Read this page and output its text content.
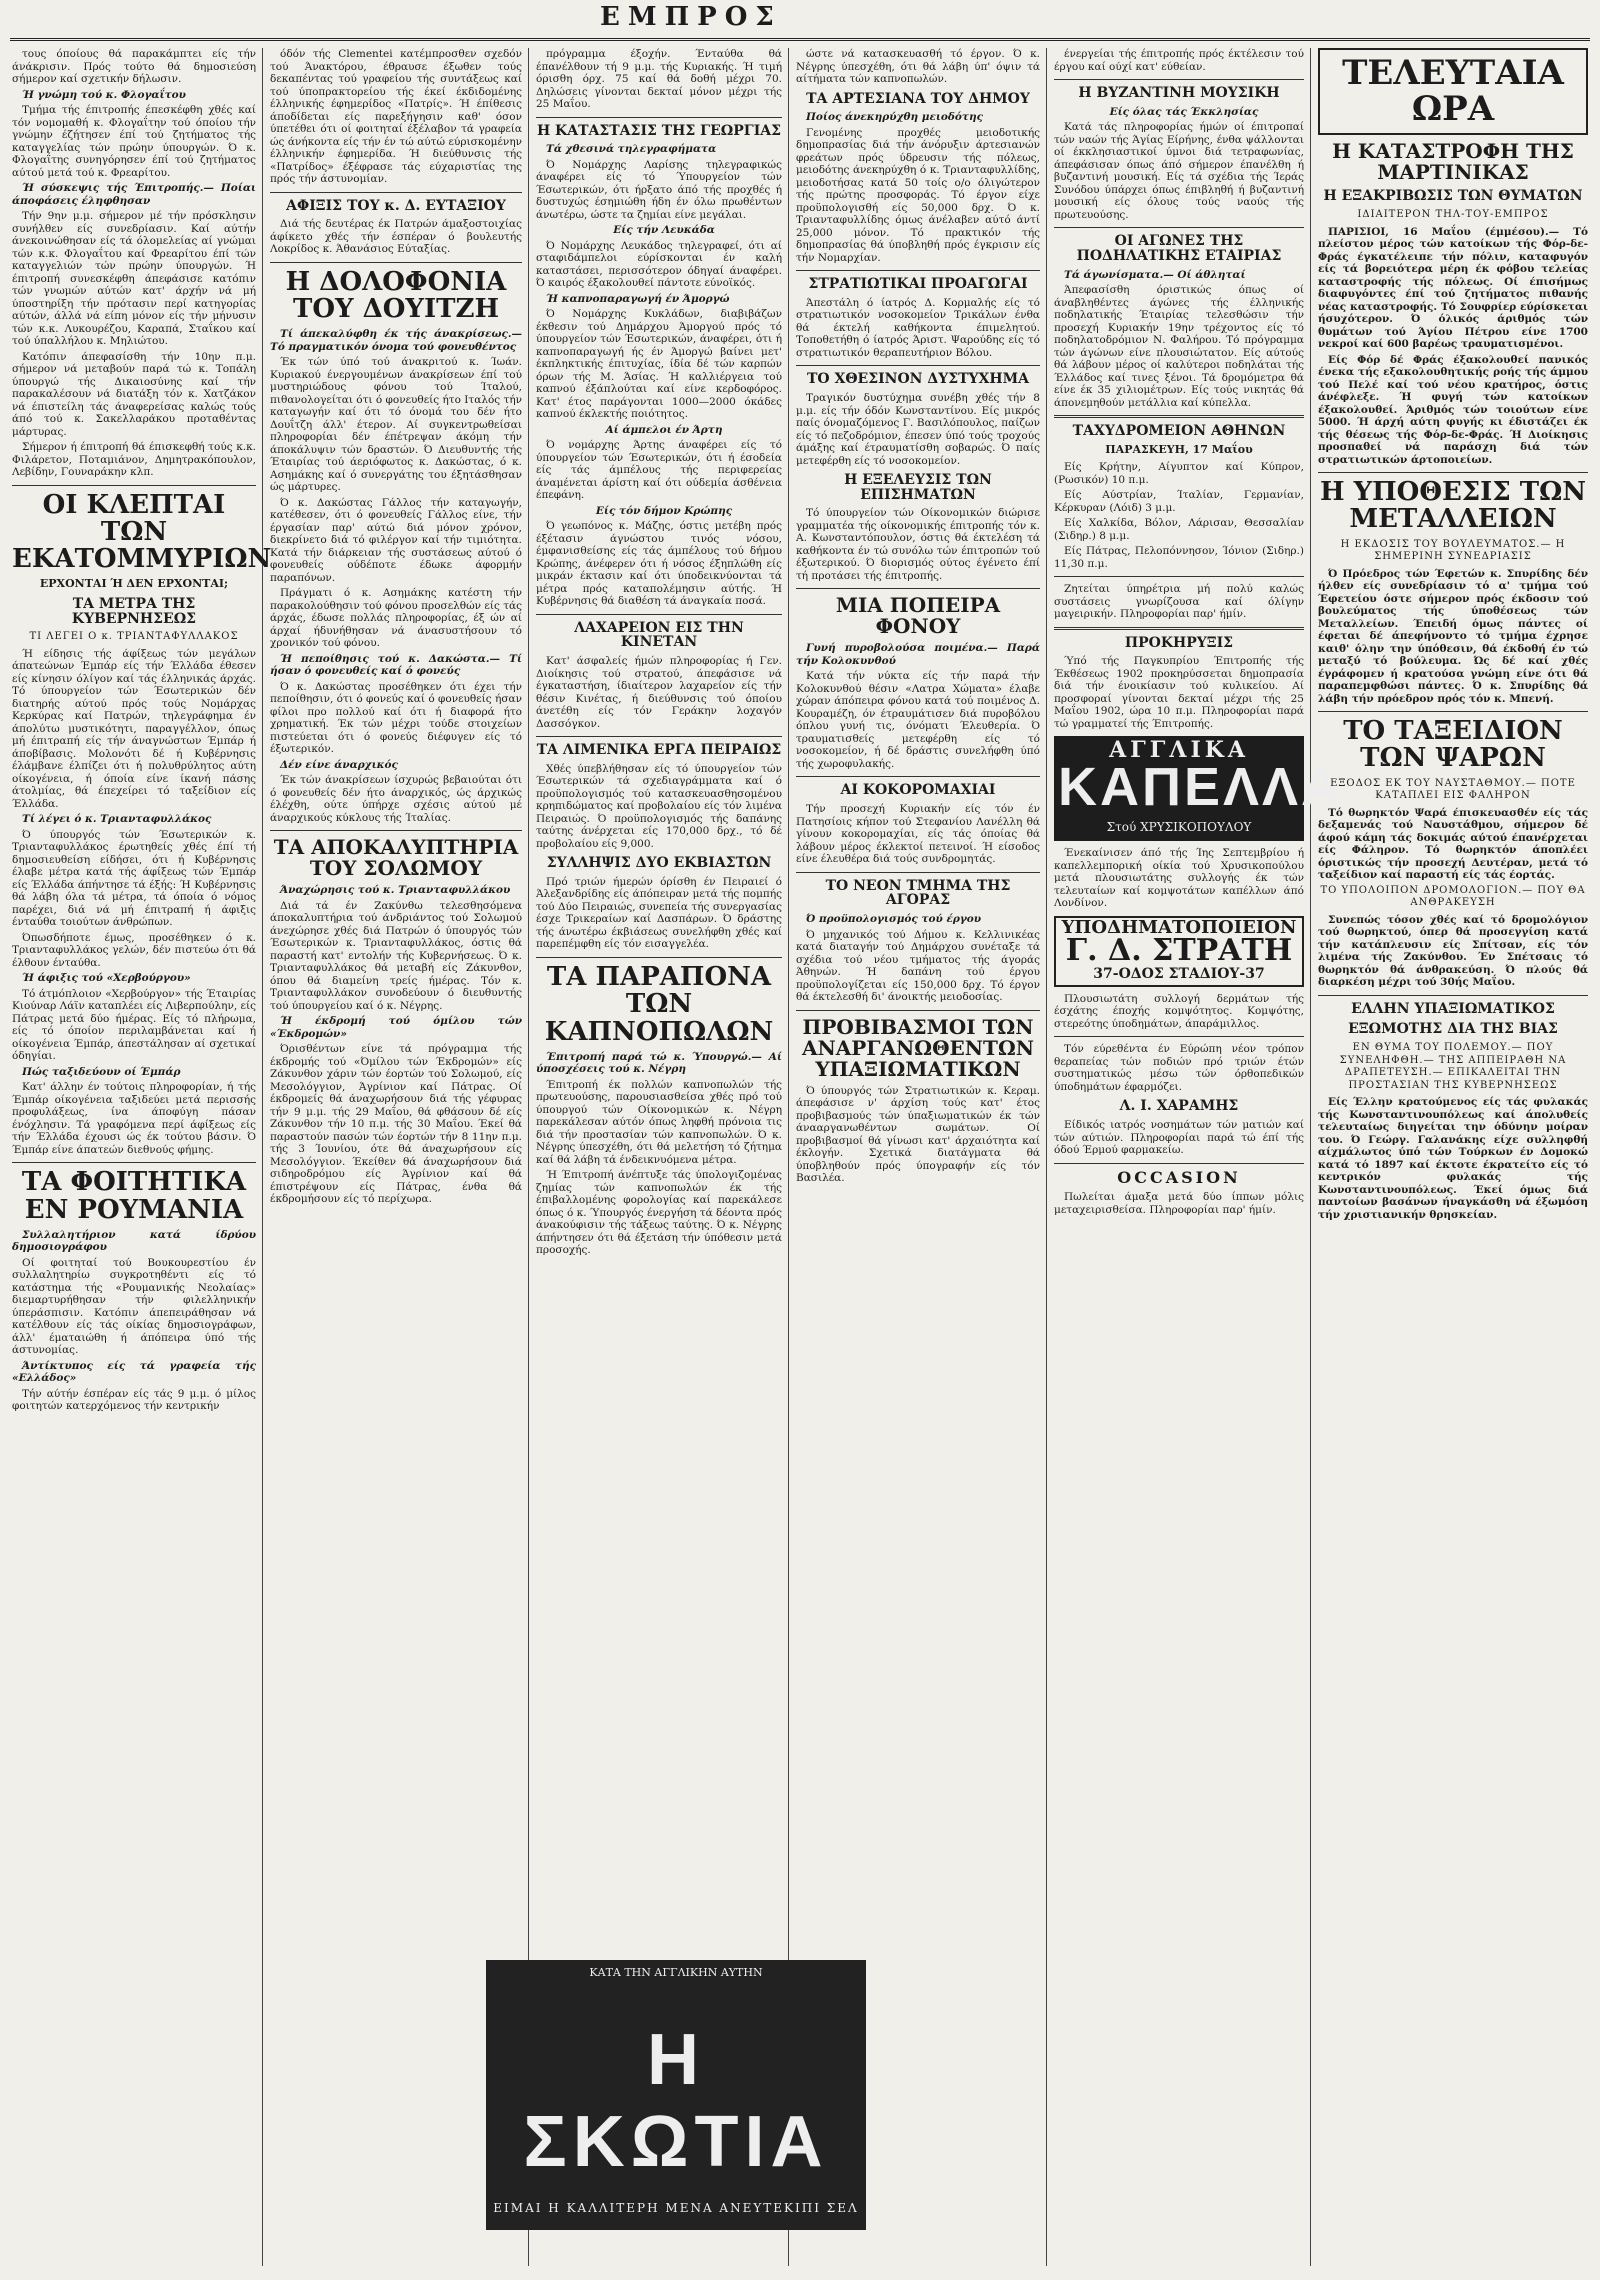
ΕΜΠΡΟΣ

τους όποίους θά παρακάμπτει είς τήν άνάκρισιν. Πρός τούτο θά δημοσιεύση σήμερον καί σχετικήν δήλωσιν.

Ή γνώμη τού κ. Φλογαΐτου

Τμήμα τής έπιτροπής έπεσκέφθη χθές καί τόν νομομαθή κ. Φλογαΐτην τού όποίου τήν γνώμην έζήτησεν έπί τού ζητήματος τής καταγγελίας τών πρώην ύπουργών. Ό κ. Φλογαΐτης συνηγόρησεν έπί τού ζητήματος αύτού μετά τού κ. Φρεαρίτου.

Ή σύσκεψις τής Έπιτροπής.— Ποίαι άποφάσεις έληφθησαν

Τήν 9ην μ.μ. σήμερον μέ τήν πρόσκλησιν συνήλθεν είς συνεδρίασιν. Καί αύτήν άνεκοινώθησαν είς τά όλομελείας αί γνώμαι τών κ.κ. Φλογαΐτου καί Φρεαρίτου έπί τών καταγγελιών τών πρώην ύπουργών. Ή έπιτροπή συνεσκέφθη άπεφάσισε κατόπιν τών γνωμών αύτών κατ' άρχήν νά μή ύποστηρίξη τήν πρότασιν περί κατηγορίας αύτών, άλλά νά είπη μόνον είς τήν μήνυσιν τών κ.κ. Λυκουρέζου, Καραπά, Σταΐκου καί τού ύπαλλήλου κ. Μηλιώτου.

Κατόπιν άπεφασίσθη τήν 10ην π.μ. σήμερον νά μεταβούν παρά τώ κ. Τοπάλη ύπουργώ τής Δικαιοσύνης καί τήν παρακαλέσουν νά διατάξη τόν κ. Χατζάκον νά έπιστείλη τάς άναφερείσας καλώς τούς άπό τού κ. Σακελλαράκου προταθέντας μάρτυρας.

Σήμερον ή έπιτροπή θά έπισκεφθή τούς κ.κ. Φιλάρετον, Ποταμιάνον, Δημητρακόπουλον, Λεβίδην, Γουναράκην κλπ.

ΟΙ ΚΛΕΠΤΑΙ ΤΩΝ ΕΚΑΤΟΜΜΥΡΙΩΝ
ΕΡΧΟΝΤΑΙ Ή ΔΕΝ ΕΡΧΟΝΤΑΙ;
ΤΑ ΜΕΤΡΑ ΤΗΣ ΚΥΒΕΡΝΗΣΕΩΣ
ΤΙ ΛΕΓΕΙ Ο κ. ΤΡΙΑΝΤΑΦΥΛΛΑΚΟΣ

Ή είδησις τής άφίξεως τών μεγάλων άπατεώνων Έμπάρ είς τήν Έλλάδα έθεσεν είς κίνησιν όλίγον καί τάς έλληνικάς άρχάς. Τό ύπουργείον τών Έσωτερικών δέν διατηρής αύτού πρός τούς Νομάρχας Κερκύρας καί Πατρών, τηλεγράφημα έν άπολύτω μυστικότητι, παραγγέλλον, όπως μή έπιτραπή είς τήν άναγνώστων Έμπάρ ή άποβίβασις. Μολονότι δέ ή Κυβέρνησις έλάμβανε έλπίζει ότι ή πολυθρύλητος αύτη οίκογένεια, ή όποία είνε ίκανή πάσης άτολμίας, θά έπεχείρει τό ταξείδιον είς Έλλάδα.

Τί λέγει ό κ. Τριανταφυλλάκος

Ό ύπουργός τών Έσωτερικών κ. Τριανταφυλλάκος έρωτηθείς χθές έπί τή δημοσιευθείση είδήσει, ότι ή Κυβέρνησις έλαβε μέτρα κατά τής άφίξεως τών Έμπάρ είς Έλλάδα άπήντησε τά έξής: Ή Κυβέρνησις θά λάβη όλα τά μέτρα, τά όποία ό νόμος παρέχει, διά νά μή έπιτραπή ή άφιξις ένταύθα τοιούτων άνθρώπων.

Όπωσδήποτε έμως, προσέθηκεν ό κ. Τριανταφυλλάκος γελών, δέν πιστεύω ότι θά έλθουν ένταύθα.

Ή άφιξις τού «Χερβούργου»

Τό άτμόπλοιον «Χερβούργον» τής Έταιρίας Κιούναρ Λάϊν καταπλέει είς Λιβερπούλην, είς Πάτρας μετά δύο ήμέρας. Είς τό πλήρωμα, είς τό όποίον περιλαμβάνεται καί ή οίκογένεια Έμπάρ, άπεστάλησαν αί σχετικαί όδηγίαι.

Πώς ταξιδεύουν οί Έμπάρ

Κατ' άλλην έν τούτοις πληροφορίαν, ή τής Έμπάρ οίκογένεια ταξιδεύει μετά περισσής προφυλάξεως, ίνα άποφύγη πάσαν ένόχλησιν. Τά γραφόμενα περί άφίξεως είς τήν Έλλάδα έχουσι ώς έκ τούτου βάσιν. Ό Έμπάρ είνε άπατεών διεθνούς φήμης.

ΤΑ ΦΟΙΤΗΤΙΚΑ ΕΝ ΡΟΥΜΑΝΙΑ

Συλλαλητήριον κατά ίδρύου δημοσιογράφου

Οί φοιτηταί τού Βουκουρεστίου έν συλλαλητηρίω συγκροτηθέντι είς τό κατάστημα τής «Ρουμανικής Νεολαίας» διεμαρτυρήθησαν τήν φιλελληνικήν ύπεράσπισιν. Κατόπιν άπεπειράθησαν νά κατέλθουν είς τάς οίκίας δημοσιογράφων, άλλ' έματαιώθη ή άπόπειρα ύπό τής άστυνομίας.

Άντίκτυπος είς τά γραφεία τής «Ελλάδος»

Τήν αύτήν έσπέραν είς τάς 9 μ.μ. ό μίλος φοιτητών κατερχόμενος τήν κεντρικήν

όδόν τής Clementei κατέμπροσθεν σχεδόν τού Άνακτόρου, έθραυσε έξωθεν τούς δεκαπέντας τού γραφείου τής συντάξεως καί τού ύποπρακτορείου τής έκεί έκδιδομένης έλληνικής έφημερίδος «Πατρίς». Ή έπίθεσις άποδίδεται είς παρεξήγησιν καθ' όσον ύπετέθει ότι οί φοιτηταί έξέλαβον τά γραφεία ώς άνήκοντα είς τήν έν τώ αύτώ εύρισκομένην έλληνικήν έφημερίδα. Ή διεύθυνσις τής «Πατρίδος» έξέφρασε τάς εύχαριστίας της πρός τήν άστυνομίαν.

ΑΦΙΞΙΣ ΤΟΥ κ. Δ. ΕΥΤΑΞΙΟΥ

Διά τής δευτέρας έκ Πατρών άμαξοστοιχίας άφίκετο χθές τήν έσπέραν ό βουλευτής Λοκρίδος κ. Άθανάσιος Εύταξίας.

Η ΔΟΛΟΦΟΝΙΑ ΤΟΥ ΔΟΥΙΤΖΗ

Τί άπεκαλύφθη έκ τής άνακρίσεως.— Τό πραγματικόν όνομα τού φονευθέντος

Έκ τών ύπό τού άνακριτού κ. Ίωάν. Κυριακού ένεργουμένων άνακρίσεων έπί τού μυστηριώδους φόνου τού Ίταλού, πιθανολογείται ότι ό φονευθείς ήτο Ιταλός τήν καταγωγήν καί ότι τό όνομά του δέν ήτο Δουΐτζη άλλ' έτερον. Αί συγκεντρωθείσαι πληροφορίαι δέν έπέτρεψαν άκόμη τήν άποκάλυψιν τών δραστών. Ό Διευθυντής τής Έταιρίας τού άεριόφωτος κ. Δακώστας, ό κ. Ασημάκης καί ό συνεργάτης του έξητάσθησαν ώς μάρτυρες.

Ό κ. Δακώστας Γάλλος τήν καταγωγήν, κατέθεσεν, ότι ό φονευθείς Γάλλος είνε, τήν έργασίαν παρ' αύτώ διά μόνον χρόνον, διεκρίνετο διά τό φιλέργον καί τήν τιμιότητα. Κατά τήν διάρκειαν τής συστάσεως αύτού ό φονευθείς ούδέποτε έδωκε άφορμήν παραπόνων.

Πράγματι ό κ. Ασημάκης κατέστη τήν παρακολούθησιν τού φόνου προσελθών είς τάς άρχάς, έδωσε πολλάς πληροφορίας, έξ ών αί άρχαί ήδυνήθησαν νά άνασυστήσουν τό χρονικόν τού φόνου.

Ή πεποίθησις τού κ. Δακώστα.— Τί ήσαν ό φονευθείς καί ό φονεύς

Ό κ. Δακώστας προσέθηκεν ότι έχει τήν πεποίθησιν, ότι ό φονεύς καί ό φονευθείς ήσαν φίλοι προ πολλού καί ότι ή διαφορά ήτο χρηματική. Έκ τών μέχρι τούδε στοιχείων πιστεύεται ότι ό φονεύς διέφυγεν είς τό έξωτερικόν.

Δέν είνε άναρχικός

Έκ τών άνακρίσεων ίσχυρώς βεβαιούται ότι ό φονευθείς δέν ήτο άναρχικός, ώς άρχικώς έλέχθη, ούτε ύπήρχε σχέσις αύτού μέ άναρχικούς κύκλους τής Ίταλίας.

ΤΑ ΑΠΟΚΑΛΥΠΤΗΡΙΑ ΤΟΥ ΣΟΛΩΜΟΥ

Άναχώρησις τού κ. Τριανταφυλλάκου

Διά τά έν Ζακύνθω τελεσθησόμενα άποκαλυπτήρια τού άνδριάντος τού Σολωμού άνεχώρησε χθές διά Πατρών ό ύπουργός τών Έσωτερικών κ. Τριανταφυλλάκος, όστις θά παραστή κατ' εντολήν τής Κυβερνήσεως. Ό κ. Τριανταφυλλάκος θά μεταβή είς Ζάκυνθον, όπου θά διαμείνη τρείς ήμέρας. Τόν κ. Τριανταφυλλάκον συνοδεύουν ό διευθυντής τού ύπουργείου καί ό κ. Νέγρης.

Ή έκδρομή τού όμίλου τών «Έκδρομών»

Όρισθέντων είνε τά πρόγραμμα τής έκδρομής τού «Όμίλου τών Έκδρομών» είς Ζάκυνθον χάριν τών έορτών τού Σολωμού, είς Μεσολόγγιον, Άγρίνιον καί Πάτρας. Οί έκδρομείς θά άναχωρήσουν διά τής γέφυρας τήν 9 μ.μ. τής 29 Μαΐου, θά φθάσουν δέ είς Ζάκυνθον τήν 10 π.μ. τής 30 Μαΐου. Έκεί θά παραστούν πασών τών έορτών τήν 8 11ην π.μ. τής 3 Ίουνίου, ότε θά άναχωρήσουν είς Μεσολόγγιον. Έκείθεν θά άναχωρήσουν διά σιδηροδρόμου είς Άγρίνιον καί θά έπιστρέψουν είς Πάτρας, ένθα θά έκδρομήσουν είς τό περίχωρα.

πρόγραμμα έξοχήν. Ένταύθα θά έπανέλθουν τή 9 μ.μ. τής Κυριακής. Ή τιμή όρισθη όρχ. 75 καί θά δοθή μέχρι 70. Δηλώσεις γίνονται δεκταί μόνον μέχρι τής 25 Μαΐου.

Η ΚΑΤΑΣΤΑΣΙΣ ΤΗΣ ΓΕΩΡΓΙΑΣ

Τά χθεσινά τηλεγραφήματα

Ό Νομάρχης Λαρίσης τηλεγραφικώς άναφέρει είς τό Ύπουργείον τών Έσωτερικών, ότι ήρξατο άπό τής προχθές ή δυστυχώς έσημιώθη ήδη έν όλω πρωθέντων άνωτέρω, ώστε τα ζημίαι είνε μεγάλαι.

Είς τήν Λευκάδα

Ό Νομάρχης Λευκάδος τηλεγραφεί, ότι αί σταφιδάμπελοι εύρίσκονται έν καλή καταστάσει, περισσότερον όδηγαί άναφέρει. Ό καιρός έξακολουθεί πάντοτε εύνοϊκός.

Ή καπνοπαραγωγή έν Άμοργώ

Ό Νομάρχης Κυκλάδων, διαβιβάζων έκθεσιν τού Δημάρχου Άμοργού πρός τό ύπουργείον τών Έσωτερικών, άναφέρει, ότι ή καπνοπαραγωγή ής έν Άμοργώ βαίνει μετ' έκπληκτικής έπιτυχίας, ίδία δέ τών καρπών όρων τής Μ. Άσίας. Ή καλλιέργεια τού καπνού έξάπλούται καί είνε κερδοφόρος. Κατ' έτος παράγονται 1000—2000 όκάδες καπνού έκλεκτής ποιότητος.

Αί άμπελοι έν Άρτη

Ό νομάρχης Άρτης άναφέρει είς τό ύπουργείον τών Έσωτερικών, ότι ή έσοδεία είς τάς άμπέλους τής περιφερείας άναμένεται άρίστη καί ότι ούδεμία άσθένεια έπεφάνη.

Είς τόν δήμον Κρώπης

Ό γεωπόνος κ. Μάζης, όστις μετέβη πρός έξέτασιν άγνώστου τινός νόσου, έμφανισθείσης είς τάς άμπέλους τού δήμου Κρώπης, άνέφερεν ότι ή νόσος έξηπλώθη είς μικράν έκτασιν καί ότι ύποδεικνύονται τά μέτρα πρός καταπολέμησιν αύτής. Ή Κυβέρνησις θά διαθέση τά άναγκαία ποσά.

ΛΑΧΑΡΕΙΟΝ ΕΙΣ ΤΗΝ ΚΙΝΕΤΑΝ

Κατ' άσφαλείς ήμών πληροφορίας ή Γεν. Διοίκησις τού στρατού, άπεφάσισε νά έγκαταστήση, ίδιαίτερον λαχαρείον είς τήν θέσιν Κινέτας, ή διεύθυνσις τού όποίου άνετέθη είς τόν Γεράκην λοχαγόν Δασσόγκον.

ΤΑ ΛΙΜΕΝΙΚΑ ΕΡΓΑ ΠΕΙΡΑΙΩΣ

Χθές ύπεβλήθησαν είς τό ύπουργείον τών Έσωτερικών τά σχεδιαγράμματα καί ό προϋπολογισμός τού κατασκευασθησομένου κρηπιδώματος καί προβολαίου είς τόν λιμένα Πειραιώς. Ό προϋπολογισμός τής δαπάνης ταύτης άνέρχεται είς 170,000 δρχ., τό δέ προβολαίου είς 9,000.

ΣΥΛΛΗΨΙΣ ΔΥΟ ΕΚΒΙΑΣΤΩΝ

Πρό τριών ήμερών όρίσθη έν Πειραιεί ό Άλεξανδρίδης είς άπόπειραν μετά τής πομπής τού Δύο Πειραιώς, συνεπεία τής συνεργασίας έσχε Τρικεραίων καί Δασπάρων. Ό δράστης τής άνωτέρω έκβιάσεως συνελήφθη χθές καί παρεπέμφθη είς τόν εισαγγελέα.

ΤΑ ΠΑΡΑΠΟΝΑ ΤΩΝ ΚΑΠΝΟΠΩΛΩΝ

Έπιτροπή παρά τώ κ. Ύπουργώ.— Αί ύποσχέσεις τού κ. Νέγρη

Έπιτροπή έκ πολλών καπνοπωλών τής πρωτευούσης, παρουσιασθείσα χθές πρό τού ύπουργού τών Οίκονομικών κ. Νέγρη παρεκάλεσαν αύτόν όπως ληφθή πρόνοια τις διά τήν προστασίαν τών καπνοπωλών. Ό κ. Νέγρης ύπεσχέθη, ότι θά μελετήση τό ζήτημα καί θά λάβη τά ένδεικνυόμενα μέτρα.

Ή Έπιτροπή άνέπτυξε τάς ύπολογιζομένας ζημίας τών καπνοπωλών έκ τής έπιβαλλομένης φορολογίας καί παρεκάλεσε όπως ό κ. Ύπουργός ένεργήση τά δέοντα πρός άνακούφισιν τής τάξεως ταύτης. Ό κ. Νέγρης άπήντησεν ότι θά έξετάση τήν ύπόθεσιν μετά προσοχής.

ώστε νά κατασκευασθή τό έργον. Ό κ. Νέγρης ύπεσχέθη, ότι θά λάβη ύπ' όψιν τά αίτήματα τών καπνοπωλών.

ΤΑ ΑΡΤΕΣΙΑΝΑ ΤΟΥ ΔΗΜΟΥ

Ποίος άνεκηρύχθη μειοδότης

Γενομένης προχθές μειοδοτικής δημοπρασίας διά τήν άνόρυξιν άρτεσιανών φρεάτων πρός ύδρευσιν τής πόλεως, μειοδότης άνεκηρύχθη ό κ. Τριανταφυλλίδης, μειοδοτήσας κατά 50 τοίς ο/ο όλιγώτερον τής πρώτης προσφοράς. Τό έργον είχε προϋπολογισθή είς 50,000 δρχ. Ό κ. Τριανταφυλλίδης όμως άνέλαβεν αύτό άντί 25,000 μόνον. Τό πρακτικόν τής δημοπρασίας θά ύποβληθή πρός έγκρισιν είς τήν Νομαρχίαν.

ΣΤΡΑΤΙΩΤΙΚΑΙ ΠΡΟΑΓΩΓΑΙ

Άπεστάλη ό ίατρός Δ. Κορμαλής είς τό στρατιωτικόν νοσοκομείον Τρικάλων ένθα θά έκτελή καθήκοντα έπιμελητού. Τοποθετήθη ό ίατρός Άριστ. Ψαρούδης είς τό στρατιωτικόν θεραπευτήριον Βόλου.

ΤΟ ΧΘΕΣΙΝΟΝ ΔΥΣΤΥΧΗΜΑ

Τραγικόν δυστύχημα συνέβη χθές τήν 8 μ.μ. είς τήν όδόν Κωνσταντίνου. Είς μικρός παίς όνομαζόμενος Γ. Βασιλόπουλος, παίζων είς τό πεζοδρόμιον, έπεσεν ύπό τούς τροχούς άμάξης καί έτραυματίσθη σοβαρώς. Ό παίς μετεφέρθη είς τό νοσοκομείον.

Η ΕΞΕΛΕΥΣΙΣ ΤΩΝ ΕΠΙΣΗΜΑΤΩΝ

Τό ύπουργείον τών Οίκονομικών διώρισε γραμματέα τής οίκονομικής έπιτροπής τόν κ. Α. Κωνσταντόπουλον, όστις θά έκτελέση τά καθήκοντα έν τώ συνόλω τών έπιτροπών τού έξωτερικού. Ό διορισμός ούτος έγένετο έπί τή προτάσει τής έπιτροπής.

ΜΙΑ ΠΟΠΕΙΡΑ ΦΟΝΟΥ

Γυνή πυροβολούσα ποιμένα.— Παρά τήν Κολοκυνθού

Κατά τήν νύκτα είς τήν παρά τήν Κολοκυνθού θέσιν «Λατρα Χώματα» έλαβε χώραν άπόπειρα φόνου κατά τού ποιμένος Δ. Κουραμέζη, όν έτραυμάτισεν διά πυροβόλου όπλου γυνή τις, όνόματι Έλευθερία. Ό τραυματισθείς μετεφέρθη είς τό νοσοκομείον, ή δέ δράστις συνελήφθη ύπό τής χωροφυλακής.

ΑΙ ΚΟΚΟΡΟΜΑΧΙΑΙ

Τήν προσεχή Κυριακήν είς τόν έν Πατησίοις κήπον τού Στεφανίου Λανέλλη θά γίνουν κοκορομαχίαι, είς τάς όποίας θά λάβουν μέρος έκλεκτοί πετεινοί. Ή είσοδος είνε έλευθέρα διά τούς συνδρομητάς.

ΤΟ ΝΕΟΝ ΤΜΗΜΑ ΤΗΣ ΑΓΟΡΑΣ

Ό προϋπολογισμός τού έργου

Ό μηχανικός τού Δήμου κ. Κελλινικέας κατά διαταγήν τού Δημάρχου συνέταξε τά σχέδια τού νέου τμήματος τής άγοράς Άθηνών. Ή δαπάνη τού έργου προϋπολογίζεται είς 150,000 δρχ. Τό έργον θά έκτελεσθή δι' άνοικτής μειοδοσίας.

ΠΡΟΒΙΒΑΣΜΟΙ ΤΩΝ ΑΝΑΡΓΑΝΩΘΕΝΤΩΝ ΥΠΑΞΙΩΜΑΤΙΚΩΝ

Ό ύπουργός τών Στρατιωτικών κ. Κεραμ. άπεφάσισε ν' άρχίση τούς κατ' έτος προβιβασμούς τών ύπαξιωματικών έκ τών άνααργανωθέντων σωμάτων. Οί προβιβασμοί θά γίνωσι κατ' άρχαιότητα καί έκλογήν. Σχετικά διατάγματα θά ύποβληθούν πρός ύπογραφήν είς τόν Βασιλέα.

ένεργείαι τής έπιτροπής πρός έκτέλεσιν τού έργου καί ούχί κατ' εύθείαν.

Η ΒΥΖΑΝΤΙΝΗ ΜΟΥΣΙΚΗ

Είς όλας τάς Έκκλησίας

Κατά τάς πληροφορίας ήμών οί έπιτροπαί τών ναών τής Άγίας Είρήνης, ένθα ψάλλονται οί έκκλησιαστικοί ύμνοι διά τετραφωνίας, άπεφάσισαν όπως άπό σήμερον έπανέλθη ή βυζαντινή μουσική. Είς τά σχέδια τής Ίεράς Συνόδου ύπάρχει όπως έπιβληθή ή βυζαντινή μουσική είς όλους τούς ναούς τής πρωτευούσης.

ΟΙ ΑΓΩΝΕΣ ΤΗΣ ΠΟΔΗΛΑΤΙΚΗΣ ΕΤΑΙΡΙΑΣ

Τά άγωνίσματα.— Οί άθληταί

Άπεφασίσθη όριστικώς όπως οί άναβληθέντες άγώνες τής έλληνικής ποδηλατικής Έταιρίας τελεσθώσιν τήν προσεχή Κυριακήν 19ην τρέχοντος είς τό ποδηλατοδρόμιον Ν. Φαλήρου. Τό πρόγραμμα τών άγώνων είνε πλουσιώτατον. Είς αύτούς θά λάβουν μέρος οί καλύτεροι ποδηλάται τής Έλλάδος καί τινες ξένοι. Τά δρομόμετρα θά είνε έκ 35 χιλιομέτρων. Είς τούς νικητάς θά άπονεμηθούν μετάλλια καί κύπελλα.

ΤΑΧΥΔΡΟΜΕΙΟΝ ΑΘΗΝΩΝ
ΠΑΡΑΣΚΕΥΗ, 17 Μαΐου

Είς Κρήτην, Αίγυπτον καί Κύπρον, (Ρωσικόν) 10 π.μ.

Είς Αύστρίαν, Ίταλίαν, Γερμανίαν, Κέρκυραν (Λόιδ) 3 μ.μ.

Είς Χαλκίδα, Βόλον, Λάρισαν, Θεσσαλίαν (Σιδηρ.) 8 μ.μ.

Είς Πάτρας, Πελοπόννησον, Ίόνιον (Σιδηρ.) 11,30 π.μ.

Ζητείται ύπηρέτρια μή πολύ καλώς συστάσεις γνωρίζουσα καί όλίγην μαγειρικήν. Πληροφορίαι παρ' ήμίν.

ΠΡΟΚΗΡΥΞΙΣ

Ύπό τής Παγκυπρίου Έπιτροπής τής Έκθέσεως 1902 προκηρύσσεται δημοπρασία διά τήν ένοικίασιν τού κυλικείου. Αί προσφοραί γίνονται δεκταί μέχρι τής 25 Μαΐου 1902, ώρα 10 π.μ. Πληροφορίαι παρά τώ γραμματεί τής Έπιτροπής.

ΑΓΓΛΙΚΑ
ΚΑΠΕΛΛΑ
Στού ΧΡΥΣΙΚΟΠΟΥΛΟΥ

Ένεκαίνισεν άπό τής Ίης Σεπτεμβρίου ή καπελλεμπορική οίκία τού Χρυσικοπούλου μετά πλουσιωτάτης συλλογής έκ τών τελευταίων καί κομψοτάτων καπέλλων άπό Λονδίνον.

ΥΠΟΔΗΜΑΤΟΠΟΙΕΙΟΝ
Γ. Δ. ΣΤΡΑΤΗ
37-ΟΔΟΣ ΣΤΑΔΙΟΥ-37

Πλουσιωτάτη συλλογή δερμάτων τής έσχάτης έποχής κομψότητος. Κομψότης, στερεότης ύποδημάτων, άπαράμιλλος.

Τόν εύρεθέντα έν Εύρώπη νέον τρόπον θεραπείας τών ποδιών πρό τριών έτών συστηματικώς μέσω τών όρθοπεδικών ύποδημάτων έφαρμόζει.

Λ. Ι. ΧΑΡΑΜΗΣ

Είδικός ιατρός νοσημάτων τών ματιών καί τών αύτιών. Πληροφορίαι παρά τώ έπί τής όδού Έρμού φαρμακείω.

OCCASION

Πωλείται άμαξα μετά δύο ίππων μόλις μεταχειρισθείσα. Πληροφορίαι παρ' ήμίν.

ΤΕΛΕΥΤΑΙΑ ΩΡΑ
Η ΚΑΤΑΣΤΡΟΦΗ ΤΗΣ ΜΑΡΤΙΝΙΚΑΣ
Η ΕΞΑΚΡΙΒΩΣΙΣ ΤΩΝ ΘΥΜΑΤΩΝ
ΙΔΙΑΙΤΕΡΟΝ ΤΗΛ-ΤΟΥ-ΕΜΠΡΟΣ

ΠΑΡΙΣΙΟΙ, 16 Μαΐου (έμμέσου).— Τό πλείστον μέρος τών κατοίκων τής Φόρ-δε-Φράς έγκατέλειπε τήν πόλιν, καταφυγόν είς τά βορειότερα μέρη έκ φόβου τελείας καταστροφής τής πόλεως. Οί έπισήμως διαφυγόντες έπί τού ζητήματος πιθανής νέας καταστροφής. Τό Σουφρίερ εύρίσκεται ήσυχότερον. Ό όλικός άριθμός τών θυμάτων τού Άγίου Πέτρου είνε 1700 νεκροί καί 600 βαρέως τραυματισμένοι.

Είς Φόρ δέ Φράς έξακολουθεί πανικός ένεκα τής εξακολουθητικής ροής τής άμμου τού Πελέ καί τού νέου κρατήρος, όστις άνέφλεξε. Ή φυγή τών κατοίκων έξακολουθεί. Άριθμός τών τοιούτων είνε 5000. Ή άρχή αύτη φυγής κι έδιστάζει έκ τής θέσεως τής Φόρ-δε-Φράς. Ή Διοίκησις προσπαθεί νά παράσχη διά τών στρατιωτικών άρτοποιείων.

Η ΥΠΟΘΕΣΙΣ ΤΩΝ ΜΕΤΑΛΛΕΙΩΝ
Η ΕΚΔΟΣΙΣ ΤΟΥ ΒΟΥΛΕΥΜΑΤΟΣ.— Η ΣΗΜΕΡΙΝΗ ΣΥΝΕΔΡΙΑΣΙΣ

Ό Πρόεδρος τών Έφετών κ. Σπυρίδης δέν ήλθεν είς συνεδρίασιν τό α' τμήμα τού Έφετείου όστε σήμερον πρός έκδοσιν τού βουλεύματος τής ύποθέσεως τών Μεταλλείων. Έπειδή όμως πάντες οί έφεται δέ άπεφήνοντο τό τμήμα έχρησε καιθ' όλην την ύπόθεσιν, θά έκδοθή έν τώ μεταξύ τό βούλευμα. Ώς δέ καί χθές έγράφομεν ή κρατούσα γνώμη είνε ότι θά παραπεμφθώσι πάντες. Ό κ. Σπυρίδης θά λάβη τήν πρόεδρον πρός τόν κ. Μπενή.

ΤΟ ΤΑΞΕΙΔΙΟΝ ΤΩΝ ΨΑΡΩΝ
ΕΞΟΔΟΣ ΕΚ ΤΟΥ ΝΑΥΣΤΑΘΜΟΥ.— ΠΟΤΕ ΚΑΤΑΠΛΕΙ ΕΙΣ ΦΑΛΗΡΟΝ

Τό θωρηκτόν Ψαρά έπισκευασθέν είς τάς δεξαμενάς τού Ναυστάθμου, σήμερον δέ άφού κάμη τάς δοκιμάς αύτού έπανέρχεται είς Φάληρον. Τό θωρηκτόν άποπλέει όριστικώς τήν προσεχή Δευτέραν, μετά τό ταξείδιον καί παραστή είς τάς έορτάς.

ΤΟ ΥΠΟΛΟΙΠΟΝ ΔΡΟΜΟΛΟΓΙΟΝ.— ΠΟΥ ΘΑ ΑΝΘΡΑΚΕΥΣΗ

Συνεπώς τόσον χθές καί τό δρομολόγιον τού θωρηκτού, όπερ θά προσεγγίση κατά τήν κατάπλευσιν είς Σπίτσαν, είς τόν λιμένα τής Ζακύνθου. Έν Σπέτσαις τό θωρηκτόν θά άνθρακεύση. Ό πλούς θά διαρκέση μέχρι τού 30ής Μαΐου.

ΕΛΛΗΝ ΥΠΑΞΙΩΜΑΤΙΚΟΣ
ΕΞΩΜΟΤΗΣ ΔΙΑ ΤΗΣ ΒΙΑΣ
ΕΝ ΘΥΜΑ ΤΟΥ ΠΟΛΕΜΟΥ.— ΠΟΥ ΣΥΝΕΛΗΦΘΗ.— ΤΗΣ ΑΠΠΕΙΡΑΘΗ ΝΑ ΔΡΑΠΕΤΕΥΣΗ.— ΕΠΙΚΑΛΕΙΤΑΙ ΤΗΝ ΠΡΟΣΤΑΣΙΑΝ ΤΗΣ ΚΥΒΕΡΝΗΣΕΩΣ

Είς Έλλην κρατούμενος είς τάς φυλακάς τής Κωνσταντινουπόλεως καί άπολυθείς τελευταίως διηγείται την όδύνην μοίραν του. Ό Γεώργ. Γαλανάκης είχε συλληφθή αίχμάλωτος ύπό τών Τούρκων έν Δομοκώ κατά τό 1897 καί έκτοτε έκρατείτο είς τό κεντρικόν φυλακάς τής Κωνσταντινουπόλεως. Έκεί όμως διά παντοίων βασάνων ήναγκάσθη νά έξωμόση τήν χριστιανικήν θρησκείαν.

ΚΑΤΑ ΤΗΝ ΑΓΓΛΙΚΗΝ ΑΥΤΗΝ
Η ΣΚΩΤΙΑ
ΕΙΜΑΙ Η ΚΑΛΛΙΤΕΡΗ ΜΕΝΑ ΑΝΕΥΤΕΚΙΠΙ ΣΕΛ
